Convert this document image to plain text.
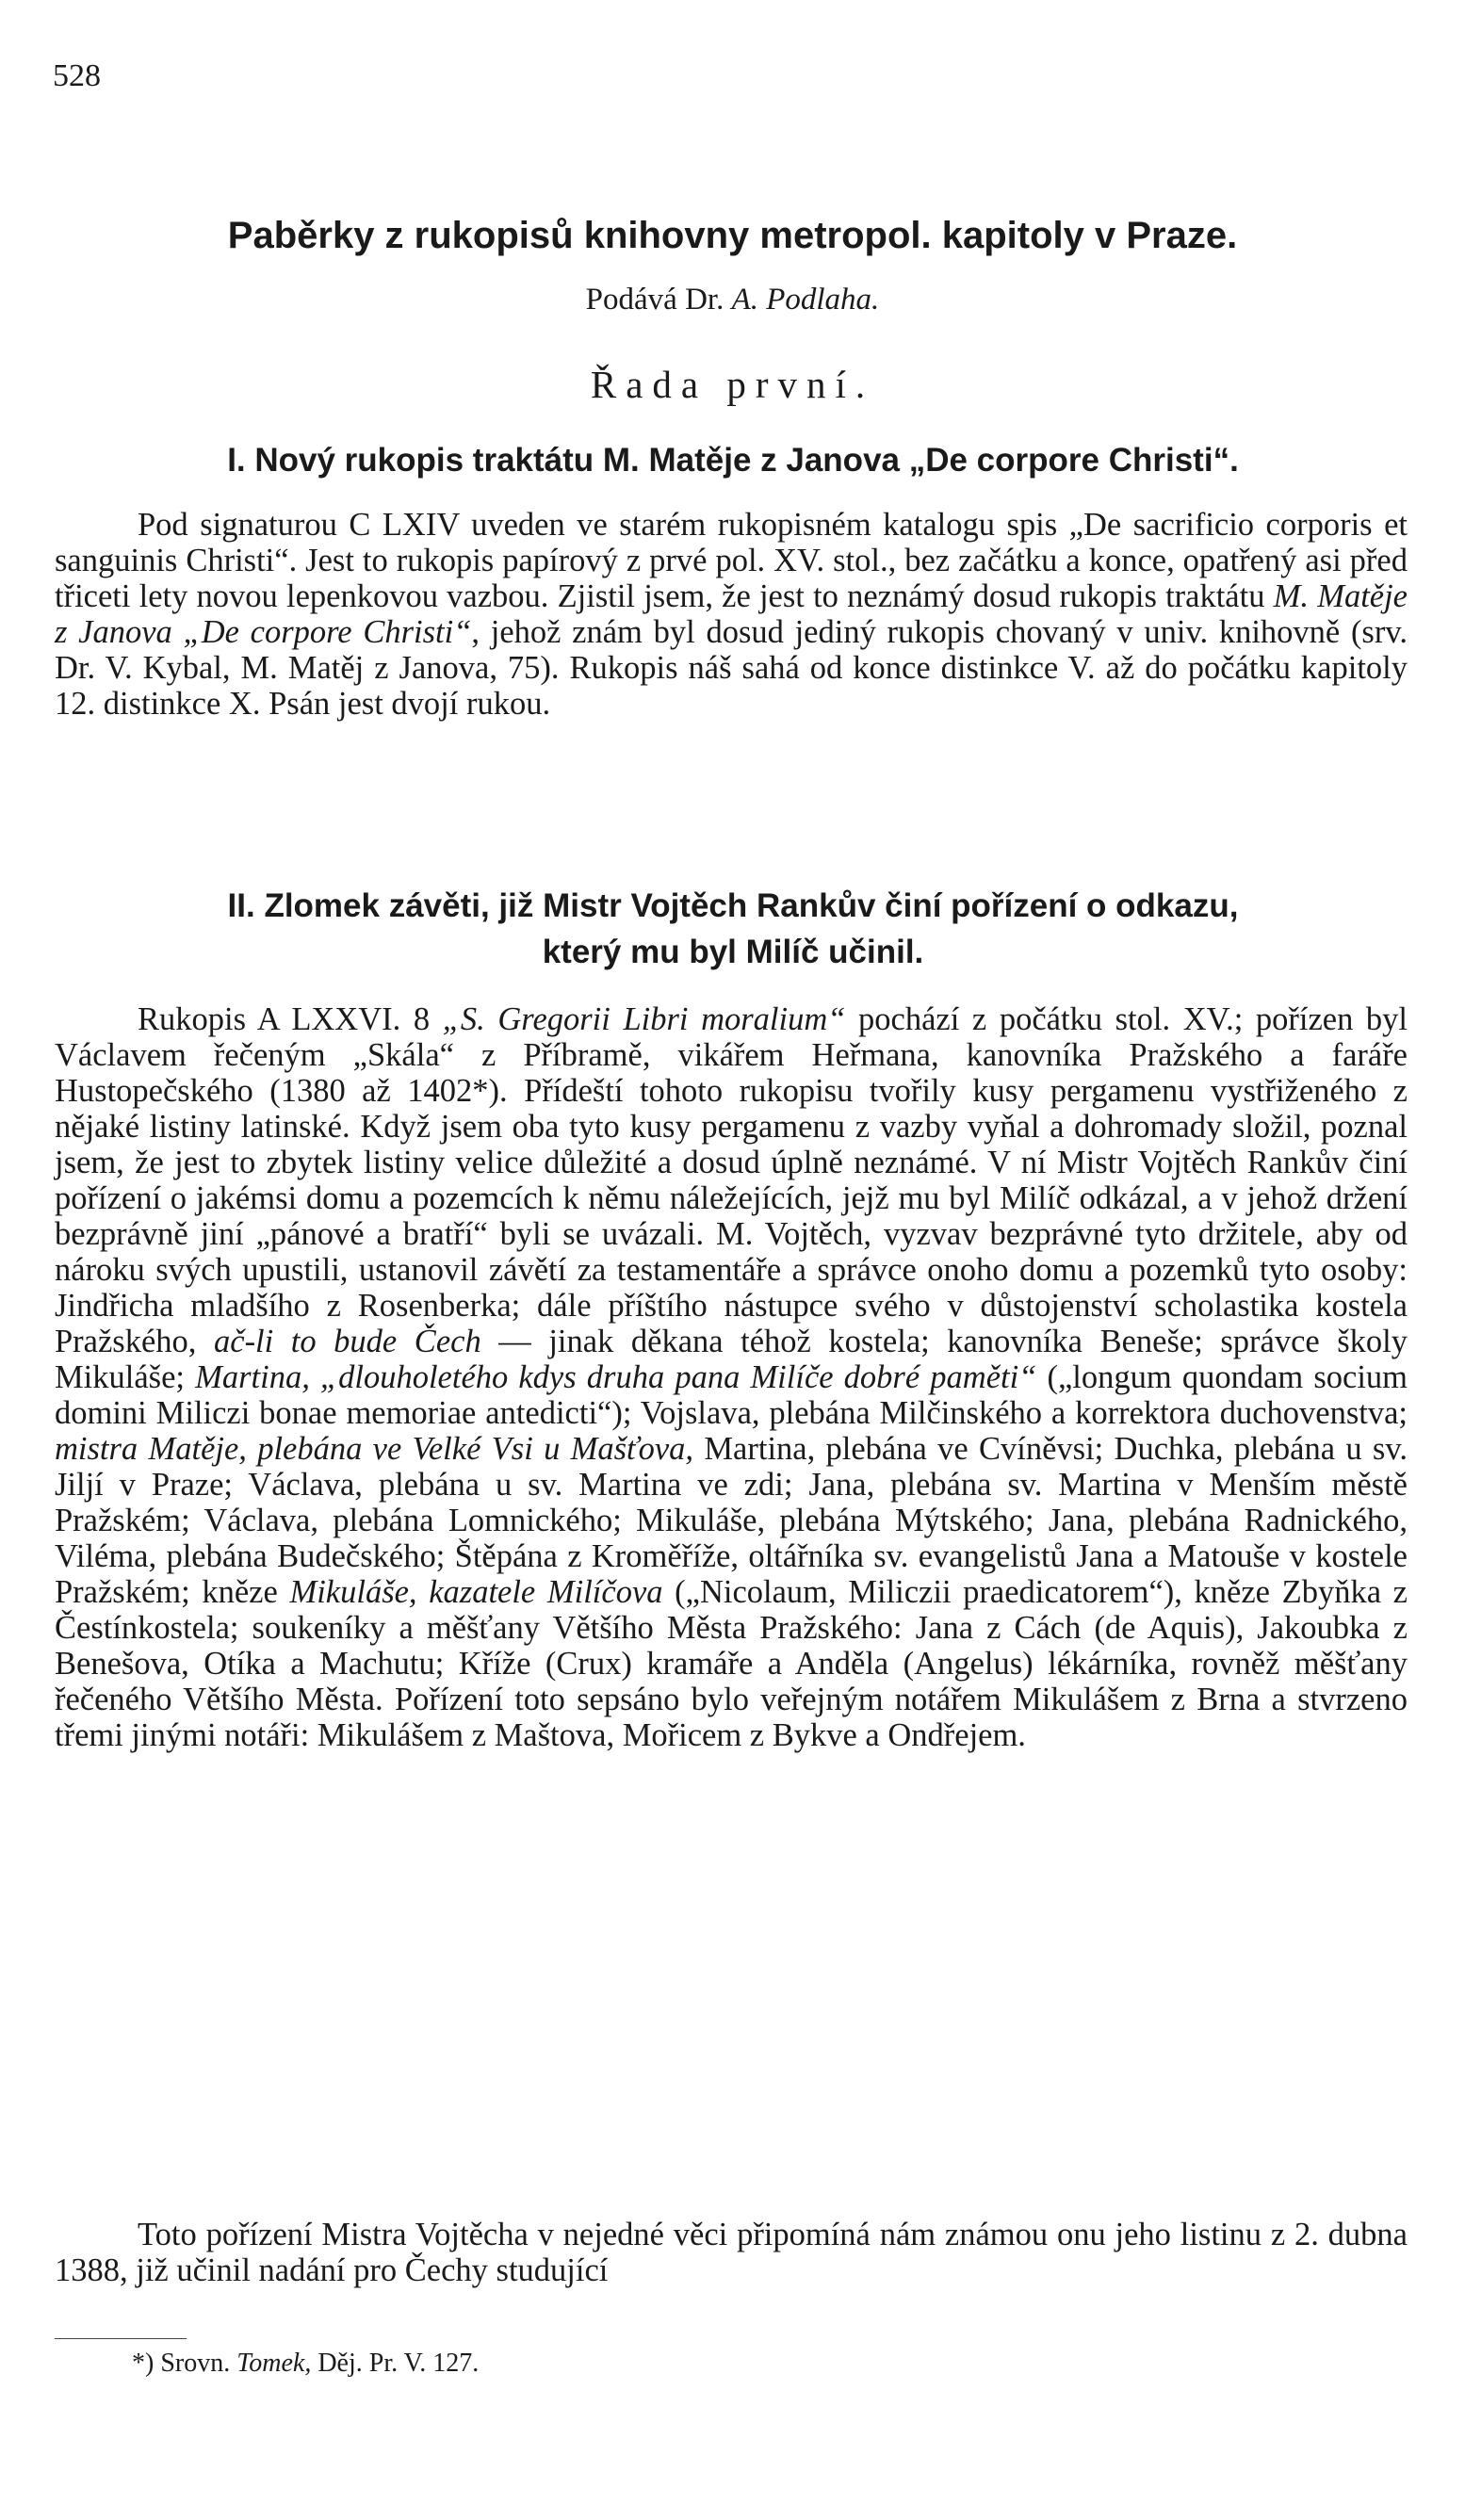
528
Paběrky z rukopisů knihovny metropol. kapitoly v Praze.
Podává Dr. A. Podlaha.
Řada první.
I. Nový rukopis traktátu M. Matěje z Janova „De corpore Christi“.
Pod signaturou C LXIV uveden ve starém rukopisném katalogu spis „De sacrificio corporis et sanguinis Christi“. Jest to rukopis papírový z prvé pol. XV. stol., bez začátku a konce, opatřený asi před třiceti lety novou lepenkovou vazbou. Zjistil jsem, že jest to neznámý dosud rukopis traktátu M. Matěje z Janova „De corpore Christi“, jehož znám byl dosud jediný rukopis chovaný v univ. knihovně (srv. Dr. V. Kybal, M. Matěj z Janova, 75). Rukopis náš sahá od konce distinkce V. až do počátku kapitoly 12. distinkce X. Psán jest dvojí rukou.
II. Zlomek závěti, již Mistr Vojtěch Rankův činí pořízení o odkazu,
který mu byl Milíč učinil.
Rukopis A LXXVI. 8 „S. Gregorii Libri moralium“ pochází z počátku stol. XV.; pořízen byl Václavem řečeným „Skála“ z Příbramě, vikářem Heřmana, kanovníka Pražského a faráře Hustopečského (1380 až 1402*). Přídeští tohoto rukopisu tvořily kusy pergamenu vystřiženého z nějaké listiny latinské. Když jsem oba tyto kusy pergamenu z vazby vyňal a dohromady složil, poznal jsem, že jest to zbytek listiny velice důležité a dosud úplně neznámé. V ní Mistr Vojtěch Rankův činí pořízení o jakémsi domu a pozemcích k němu náležejících, jejž mu byl Milíč odkázal, a v jehož držení bezprávně jiní „pánové a bratří“ byli se uvázali. M. Vojtěch, vyzvav bezprávné tyto držitele, aby od nároku svých upustili, ustanovil závětí za testamentáře a správce onoho domu a pozemků tyto osoby: Jindřicha mladšího z Rosenberka; dále příštího nástupce svého v důstojenství scholastika kostela Pražského, ač-li to bude Čech — jinak děkana téhož kostela; kanovníka Beneše; správce školy Mikuláše; Martina, „dlouholetého kdys druha pana Milíče dobré paměti“ („longum quondam socium domini Miliczi bonae memoriae antedicti“); Vojslava, plebána Milčinského a korrektora duchovenstva; mistra Matěje, plebána ve Velké Vsi u Mašťova, Martina, plebána ve Cvíněvsi; Duchka, plebána u sv. Jiljí v Praze; Václava, plebána u sv. Martina ve zdi; Jana, plebána sv. Martina v Menším městě Pražském; Václava, plebána Lomnického; Mikuláše, plebána Mýtského; Jana, plebána Radnického, Viléma, plebána Budečského; Štěpána z Kroměříže, oltářníka sv. evangelistů Jana a Matouše v kostele Pražském; kněze Mikuláše, kazatele Milíčova („Nicolaum, Miliczii praedicatorem“), kněze Zbyňka z Čestínkostela; soukeníky a měšťany Většího Města Pražského: Jana z Cách (de Aquis), Jakoubka z Benešova, Otíka a Machutu; Kříže (Crux) kramáře a Anděla (Angelus) lékárníka, rovněž měšťany řečeného Většího Města. Pořízení toto sepsáno bylo veřejným notářem Mikulášem z Brna a stvrzeno třemi jinými notáři: Mikulášem z Maštova, Mořicem z Bykve a Ondřejem.
Toto pořízení Mistra Vojtěcha v nejedné věci připomíná nám známou onu jeho listinu z 2. dubna 1388, již učinil nadání pro Čechy studující
*) Srovn. Tomek, Děj. Pr. V. 127.
